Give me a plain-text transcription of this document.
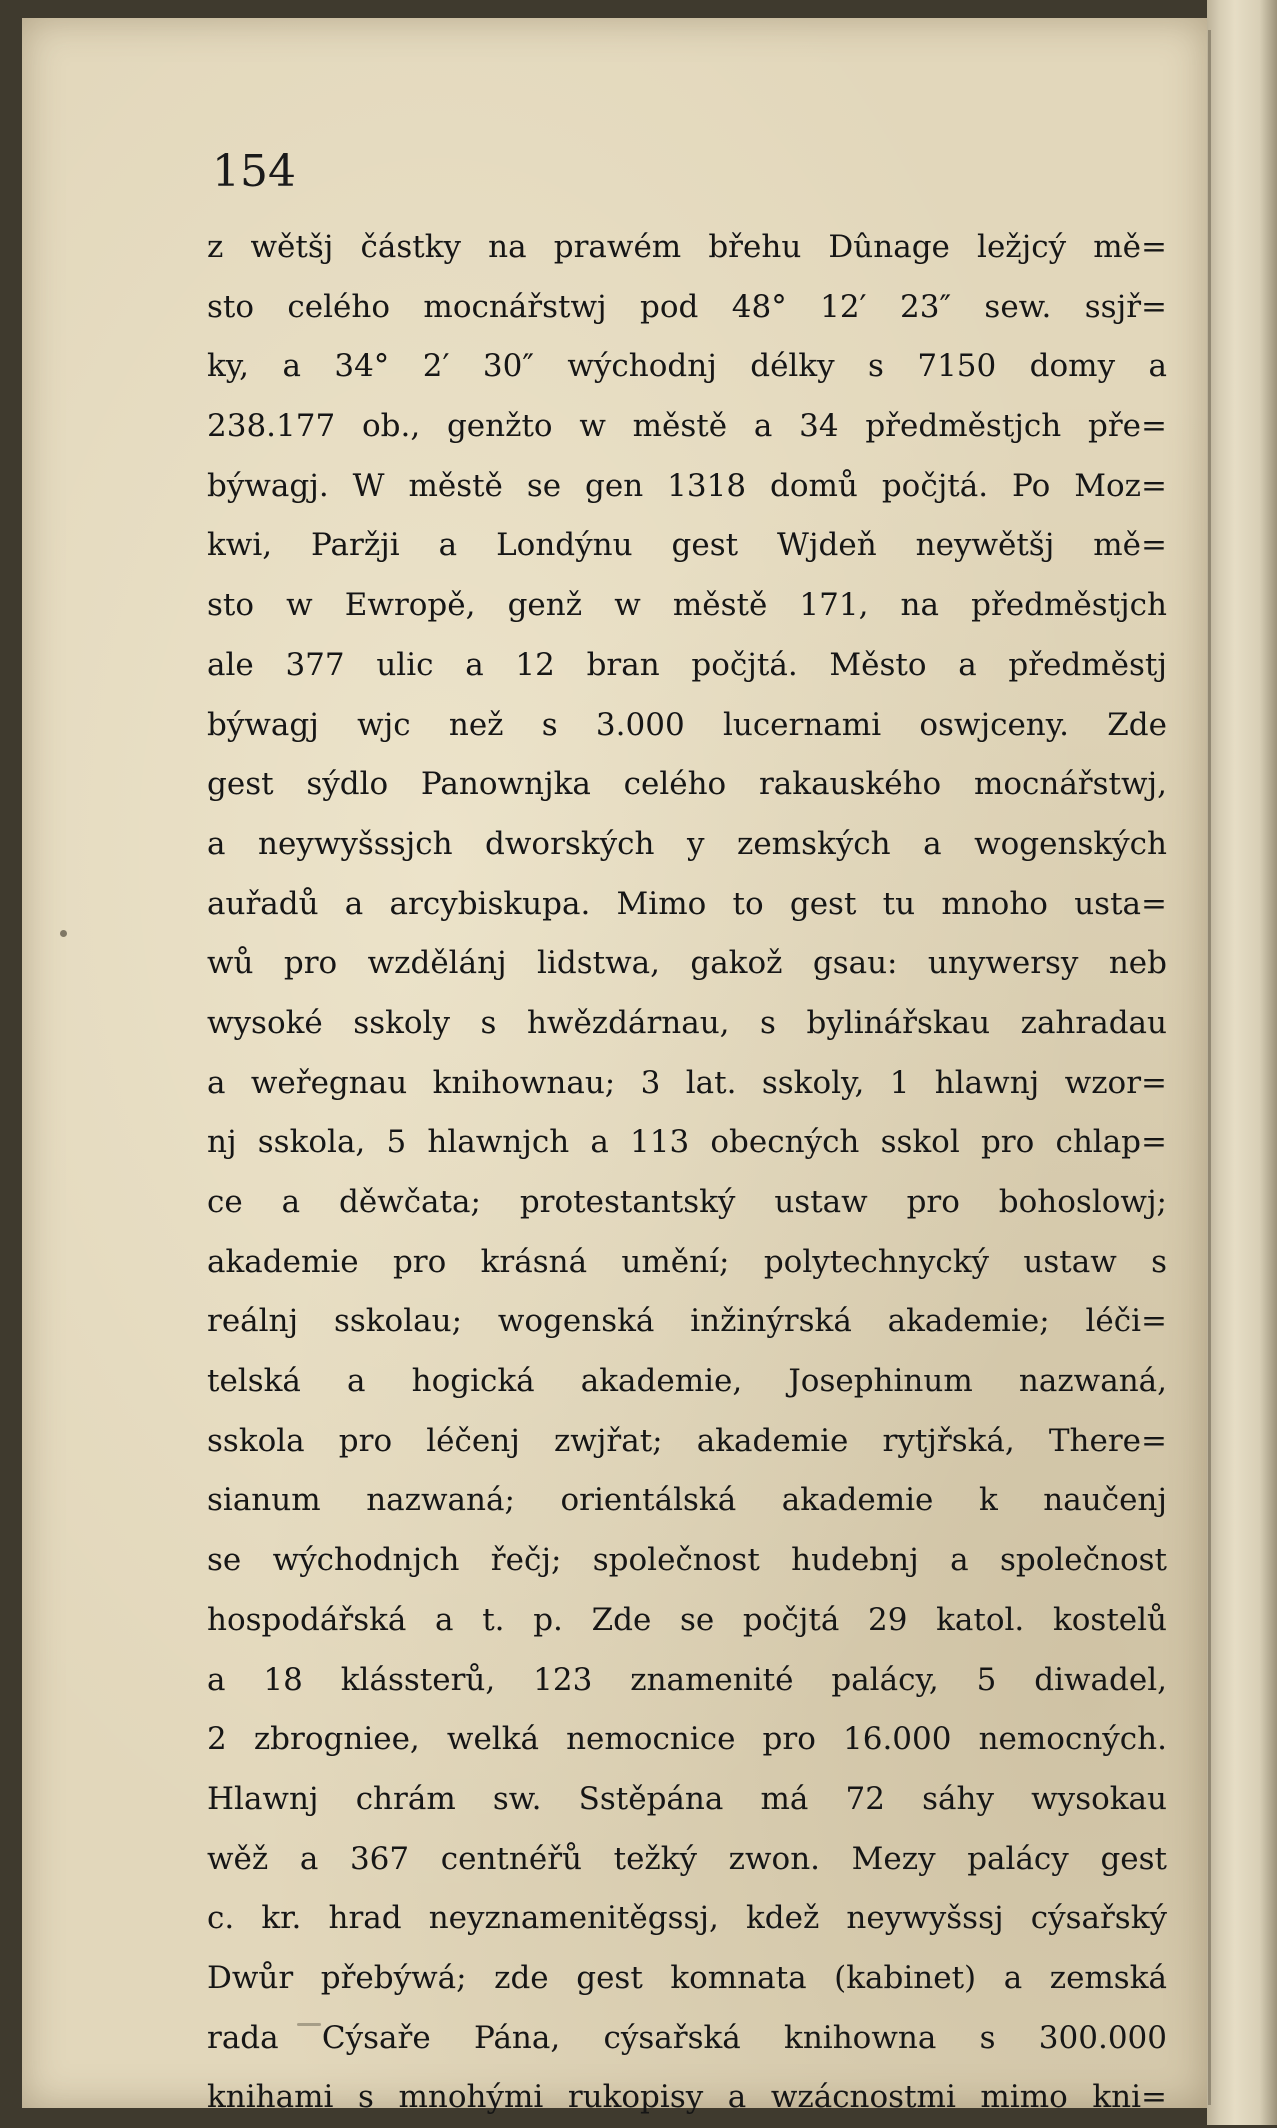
154
z wětšj částky na prawém břehu Dûnage ležjcý mě=
sto celého mocnářstwj pod 48° 12′ 23″ sew. ssjř=
ky, a 34° 2′ 30″ wýchodnj délky s 7150 domy a
238.177 ob., genžto w městě a 34 předměstjch pře=
býwagj. W městě se gen 1318 domů počjtá. Po Moz=
kwi, Paržji a Londýnu gest Wjdeň neywětšj mě=
sto w Ewropě, genž w městě 171, na předměstjch
ale 377 ulic a 12 bran počjtá. Město a předměstj
býwagj wjc než s 3.000 lucernami oswjceny. Zde
gest sýdlo Panownjka celého rakauského mocnářstwj,
a neywyšssjch dworských y zemských a wogenských
auřadů a arcybiskupa. Mimo to gest tu mnoho usta=
wů pro wzdělánj lidstwa, gakož gsau: unywersy neb
wysoké sskoly s hwězdárnau, s bylinářskau zahradau
a weřegnau knihownau; 3 lat. sskoly, 1 hlawnj wzor=
nj sskola, 5 hlawnjch a 113 obecných sskol pro chlap=
ce a děwčata; protestantský ustaw pro bohoslowj;
akademie pro krásná umění; polytechnycký ustaw s
reálnj sskolau; wogenská inžinýrská akademie; léči=
telská a hogická akademie, Josephinum nazwaná,
sskola pro léčenj zwjřat; akademie rytjřská, There=
sianum nazwaná; orientálská akademie k naučenj
se wýchodnjch řečj; společnost hudebnj a společnost
hospodářská a t. p. Zde se počjtá 29 katol. kostelů
a 18 klássterů, 123 znamenité palácy, 5 diwadel,
2 zbrogniee, welká nemocnice pro 16.000 nemocných.
Hlawnj chrám sw. Sstěpána má 72 sáhy wysokau
wěž a 367 centnéřů težký zwon. Mezy palácy gest
c. kr. hrad neyznamenitěgssj, kdež neywyšssj cýsařský
Dwůr přebýwá; zde gest komnata (kabinet) a zemská
rada Cýsaře Pána, cýsařská knihowna s 300.000
knihami s mnohými rukopisy a wzácnostmi mimo kni=
